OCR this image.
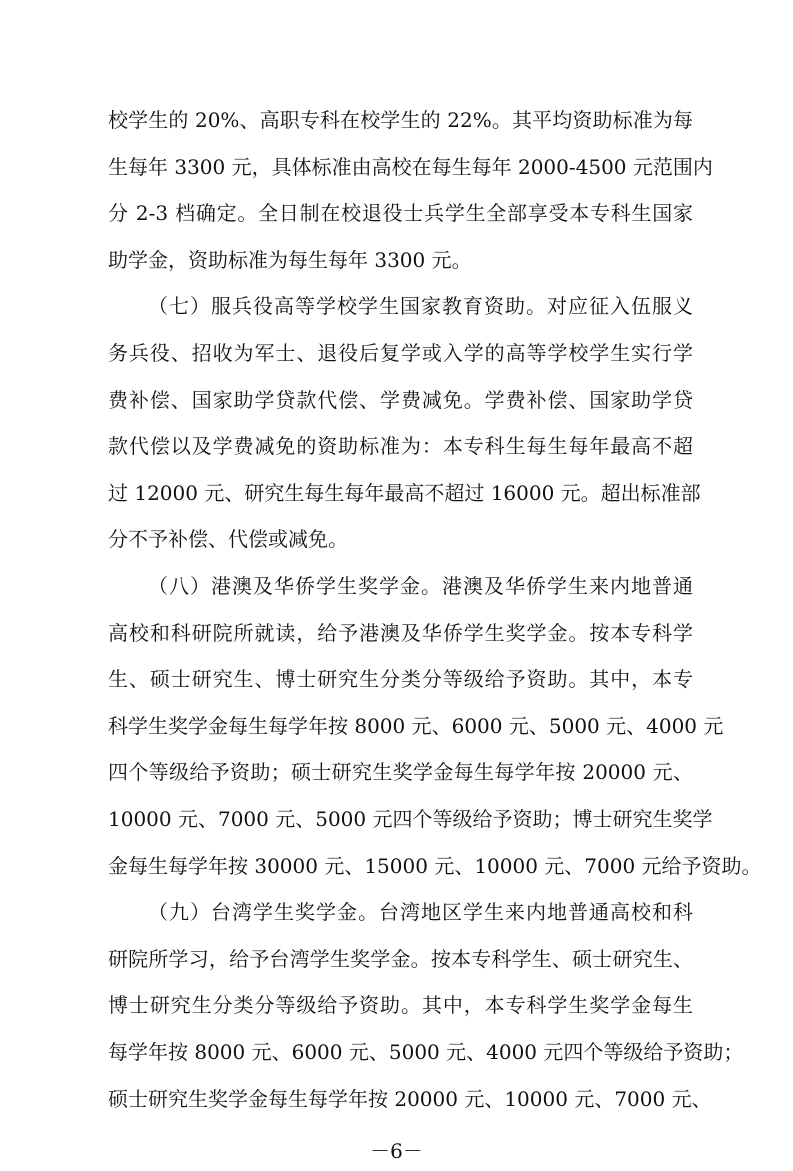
校学生的 20%、高职专科在校学生的 22%。其平均资助标准为每
生每年 3300 元，具体标准由高校在每生每年 2000-4500 元范围内
分 2-3 档确定。全日制在校退役士兵学生全部享受本专科生国家
助学金，资助标准为每生每年 3300 元。
（七）服兵役高等学校学生国家教育资助。对应征入伍服义
务兵役、招收为军士、退役后复学或入学的高等学校学生实行学
费补偿、国家助学贷款代偿、学费减免。学费补偿、国家助学贷
款代偿以及学费减免的资助标准为：本专科生每生每年最高不超
过 12000 元、研究生每生每年最高不超过 16000 元。超出标准部
分不予补偿、代偿或减免。
（八）港澳及华侨学生奖学金。港澳及华侨学生来内地普通
高校和科研院所就读，给予港澳及华侨学生奖学金。按本专科学
生、硕士研究生、博士研究生分类分等级给予资助。其中，本专
科学生奖学金每生每学年按 8000 元、6000 元、5000 元、4000 元
四个等级给予资助；硕士研究生奖学金每生每学年按 20000 元、
10000 元、7000 元、5000 元四个等级给予资助；博士研究生奖学
金每生每学年按 30000 元、15000 元、10000 元、7000 元给予资助。
（九）台湾学生奖学金。台湾地区学生来内地普通高校和科
研院所学习，给予台湾学生奖学金。按本专科学生、硕士研究生、
博士研究生分类分等级给予资助。其中，本专科学生奖学金每生
每学年按 8000 元、6000 元、5000 元、4000 元四个等级给予资助；
硕士研究生奖学金每生每学年按 20000 元、10000 元、7000 元、
－6－
